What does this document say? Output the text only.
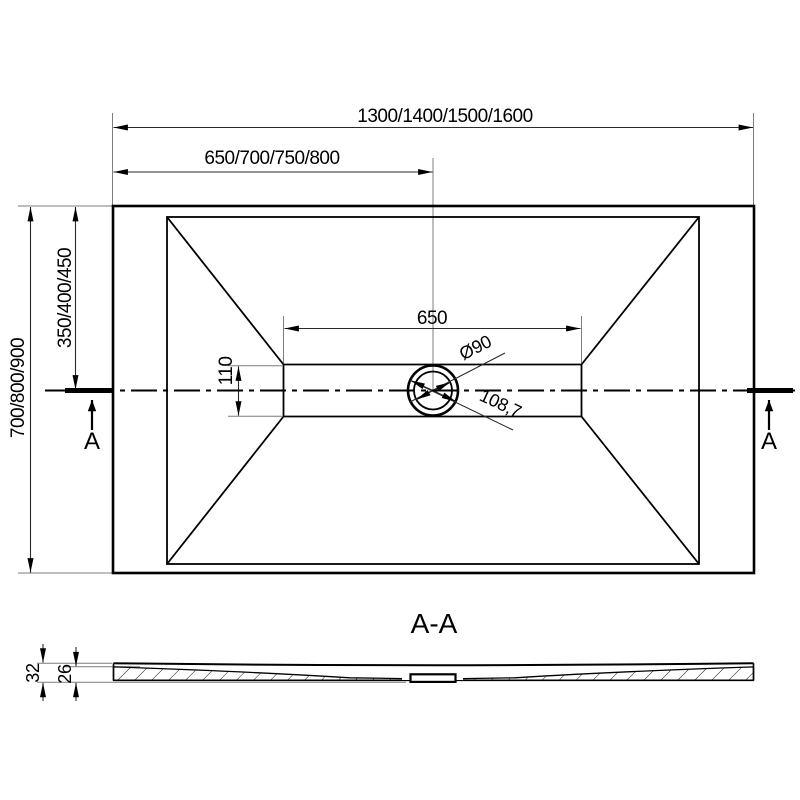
1300/1400/1500/1600
650/700/750/800
700/800/900
350/400/450	650
110
Ø90
108,7
A	A
A-A
32 26
